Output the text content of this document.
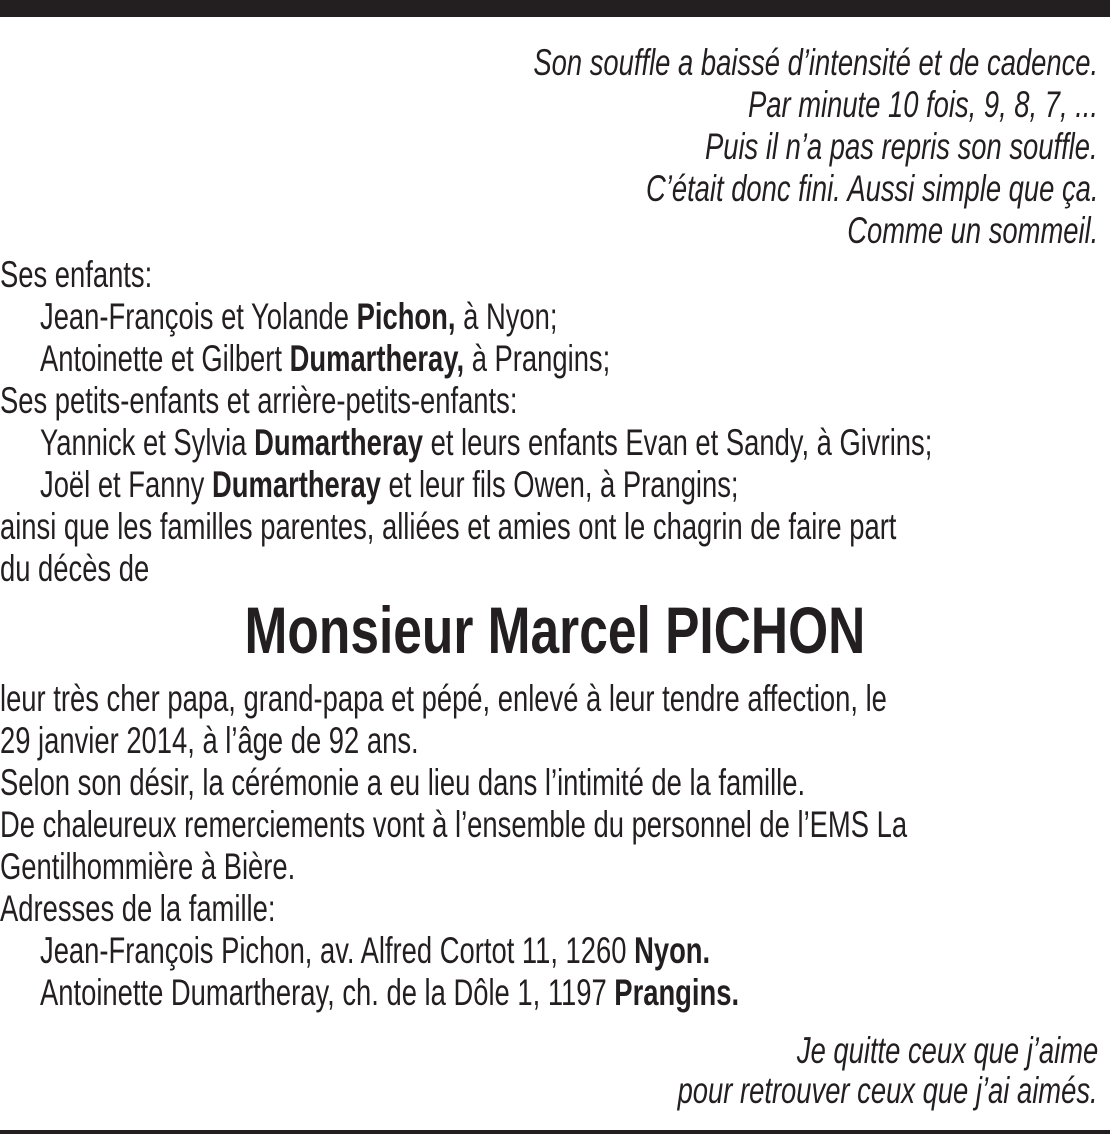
Son souffle a baissé d’intensité et de cadence.
Par minute 10 fois, 9, 8, 7, ...
Puis il n’a pas repris son souffle.
C’était donc fini. Aussi simple que ça.
Comme un sommeil.
Ses enfants:
Jean-François et Yolande Pichon, à Nyon;
Antoinette et Gilbert Dumartheray, à Prangins;
Ses petits-enfants et arrière-petits-enfants:
Yannick et Sylvia Dumartheray et leurs enfants Evan et Sandy, à Givrins;
Joël et Fanny Dumartheray et leur fils Owen, à Prangins;
ainsi que les familles parentes, alliées et amies ont le chagrin de faire part
du décès de
Monsieur Marcel PICHON
leur très cher papa, grand-papa et pépé, enlevé à leur tendre affection, le
29 janvier 2014, à l’âge de 92 ans.
Selon son désir, la cérémonie a eu lieu dans l’intimité de la famille.
De chaleureux remerciements vont à l’ensemble du personnel de l’EMS La
Gentilhommière à Bière.
Adresses de la famille:
Jean-François Pichon, av. Alfred Cortot 11, 1260 Nyon.
Antoinette Dumartheray, ch. de la Dôle 1, 1197 Prangins.
Je quitte ceux que j’aime
pour retrouver ceux que j’ai aimés.
